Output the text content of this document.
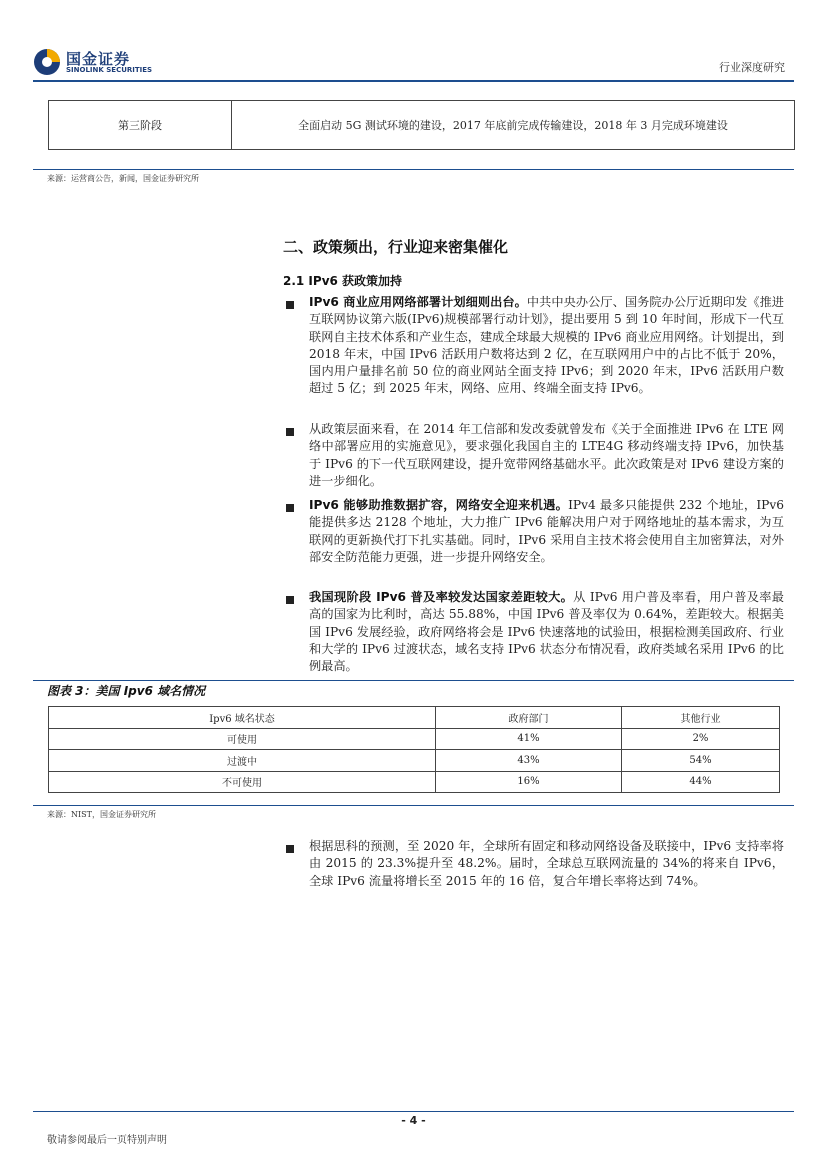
国金证券
SINOLINK SECURITIES	行业深度研究
第三阶段	全面启动 5G 测试环境的建设，2017 年底前完成传输建设，2018 年 3 月完成环境建设
来源：运营商公告，新闻，国金证券研究所
二、政策频出，行业迎来密集催化
2.1 IPv6 获政策加持
IPv6 商业应用网络部署计划细则出台。中共中央办公厅、国务院办公厅近期印发《推进互联网协议第六版(IPv6)规模部署行动计划》，提出要用 5 到 10 年时间，形成下一代互联网自主技术体系和产业生态，建成全球最大规模的 IPv6 商业应用网络。计划提出，到 2018 年末，中国 IPv6 活跃用户数将达到 2 亿，在互联网用户中的占比不低于 20%，国内用户量排名前 50 位的商业网站全面支持 IPv6；到 2020 年末，IPv6 活跃用户数超过 5 亿；到 2025 年末，网络、应用、终端全面支持 IPv6。
从政策层面来看，在 2014 年工信部和发改委就曾发布《关于全面推进 IPv6 在 LTE 网络中部署应用的实施意见》，要求强化我国自主的 LTE4G 移动终端支持 IPv6，加快基于 IPv6 的下一代互联网建设，提升宽带网络基础水平。此次政策是对 IPv6 建设方案的进一步细化。
IPv6 能够助推数据扩容，网络安全迎来机遇。IPv4 最多只能提供 232 个地址，IPv6 能提供多达 2128 个地址，大力推广 IPv6 能解决用户对于网络地址的基本需求，为互联网的更新换代打下扎实基础。同时，IPv6 采用自主技术将会使用自主加密算法，对外部安全防范能力更强，进一步提升网络安全。
我国现阶段 IPv6 普及率较发达国家差距较大。从 IPv6 用户普及率看，用户普及率最高的国家为比利时，高达 55.88%，中国 IPv6 普及率仅为 0.64%，差距较大。根据美国 IPv6 发展经验，政府网络将会是 IPv6 快速落地的试验田，根据检测美国政府、行业和大学的 IPv6 过渡状态，域名支持 IPv6 状态分布情况看，政府类域名采用 IPv6 的比例最高。
图表 3：美国 Ipv6 域名情况
Ipv6 域名状态	政府部门	其他行业
可使用	41%	2%
过渡中	43%	54%
不可使用	16%	44%
来源：NIST，国金证券研究所
根据思科的预测，至 2020 年，全球所有固定和移动网络设备及联接中，IPv6 支持率将由 2015 的 23.3%提升至 48.2%。届时，全球总互联网流量的 34%的将来自 IPv6，全球 IPv6 流量将增长至 2015 年的 16 倍，复合年增长率将达到 74%。
- 4 -
敬请参阅最后一页特别声明
